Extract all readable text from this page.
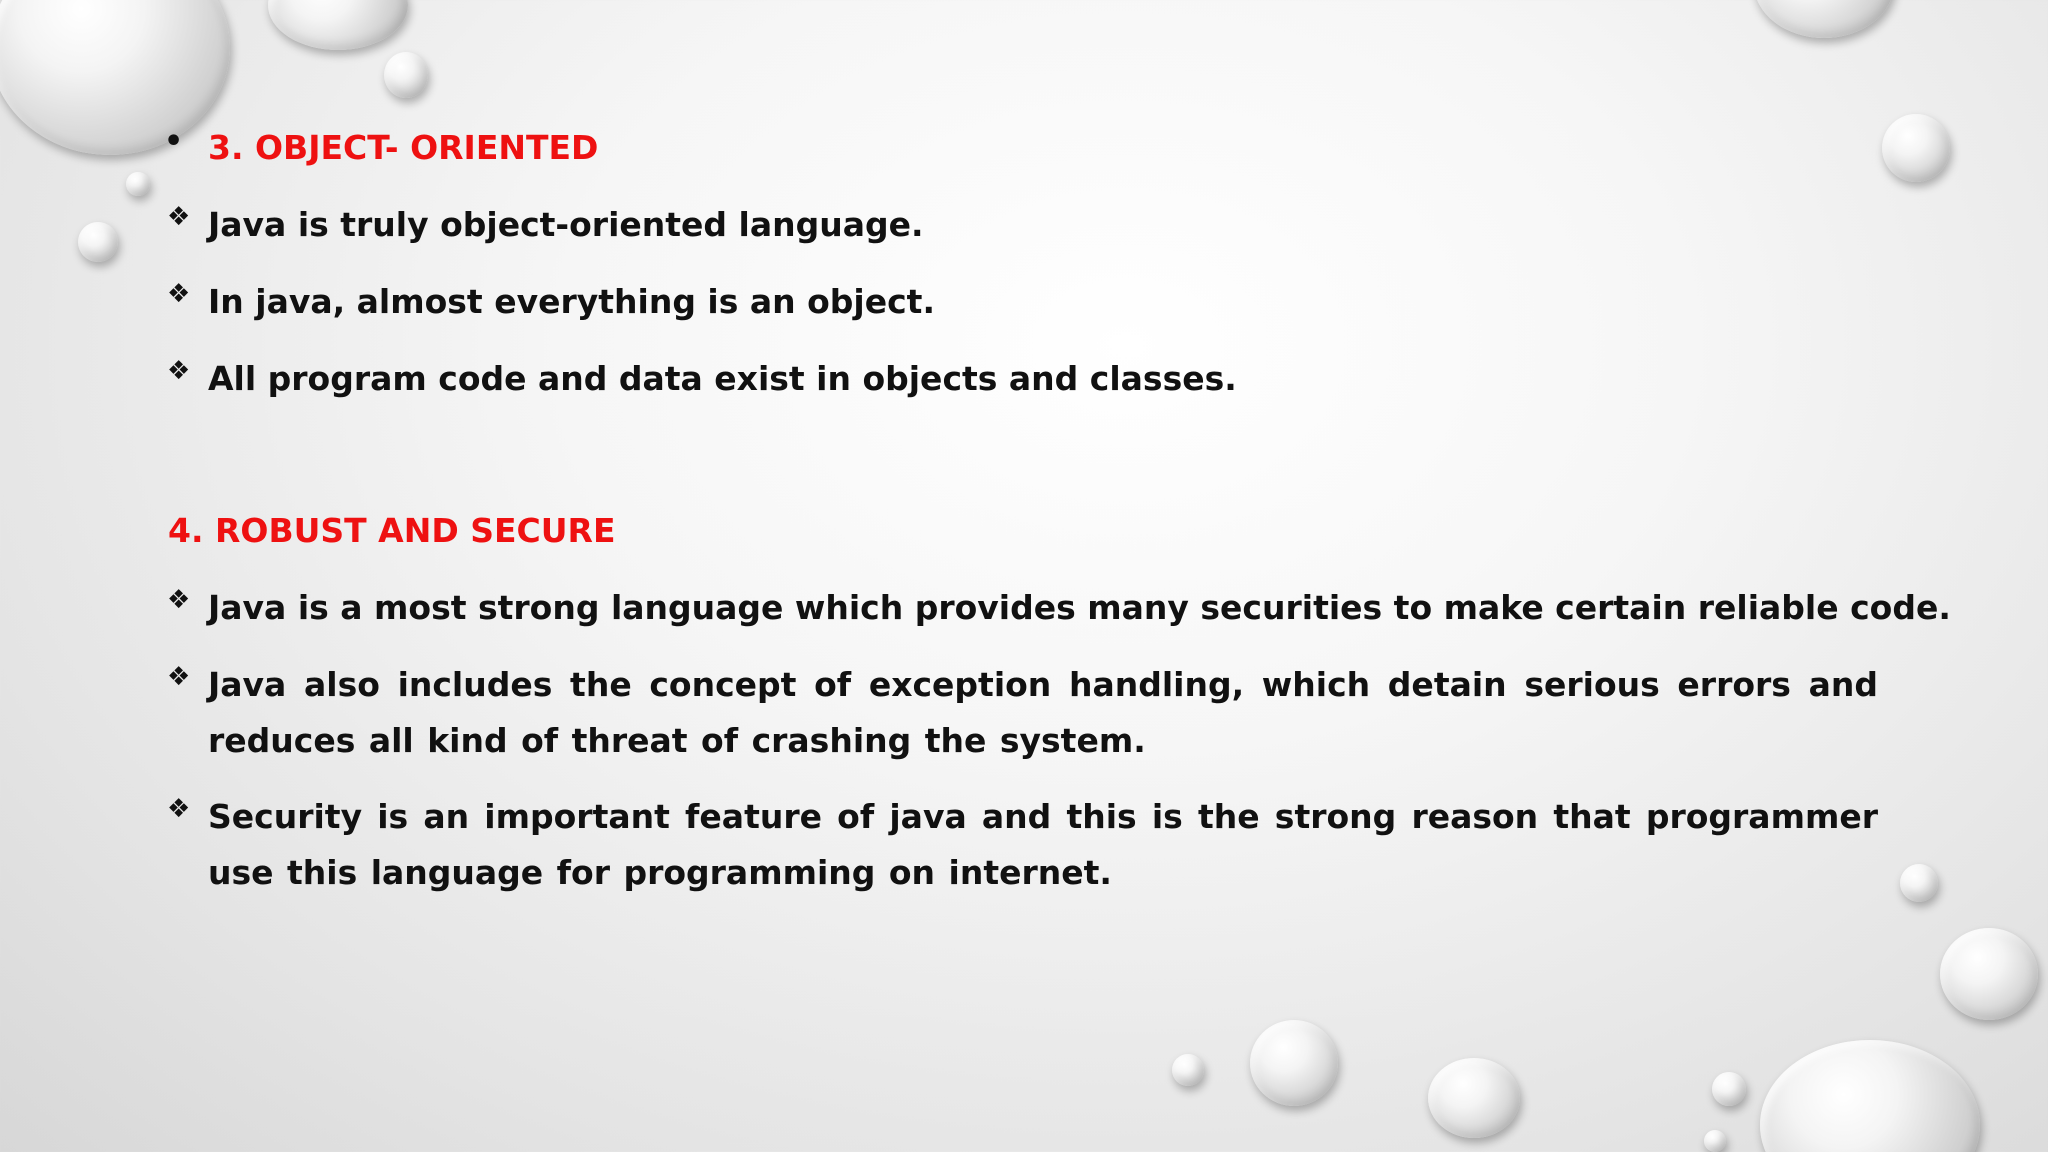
• 3. OBJECT- ORIENTED
❖ Java is truly object-oriented language.
❖ In java, almost everything is an object.
❖ All program code and data exist in objects and classes.
4. ROBUST AND SECURE
❖ Java is a most strong language which provides many securities to make certain reliable code.
❖ Java also includes the concept of exception handling, which detain serious errors and reduces all kind of threat of crashing the system.
❖ Security is an important feature of java and this is the strong reason that programmer use this language for programming on internet.
